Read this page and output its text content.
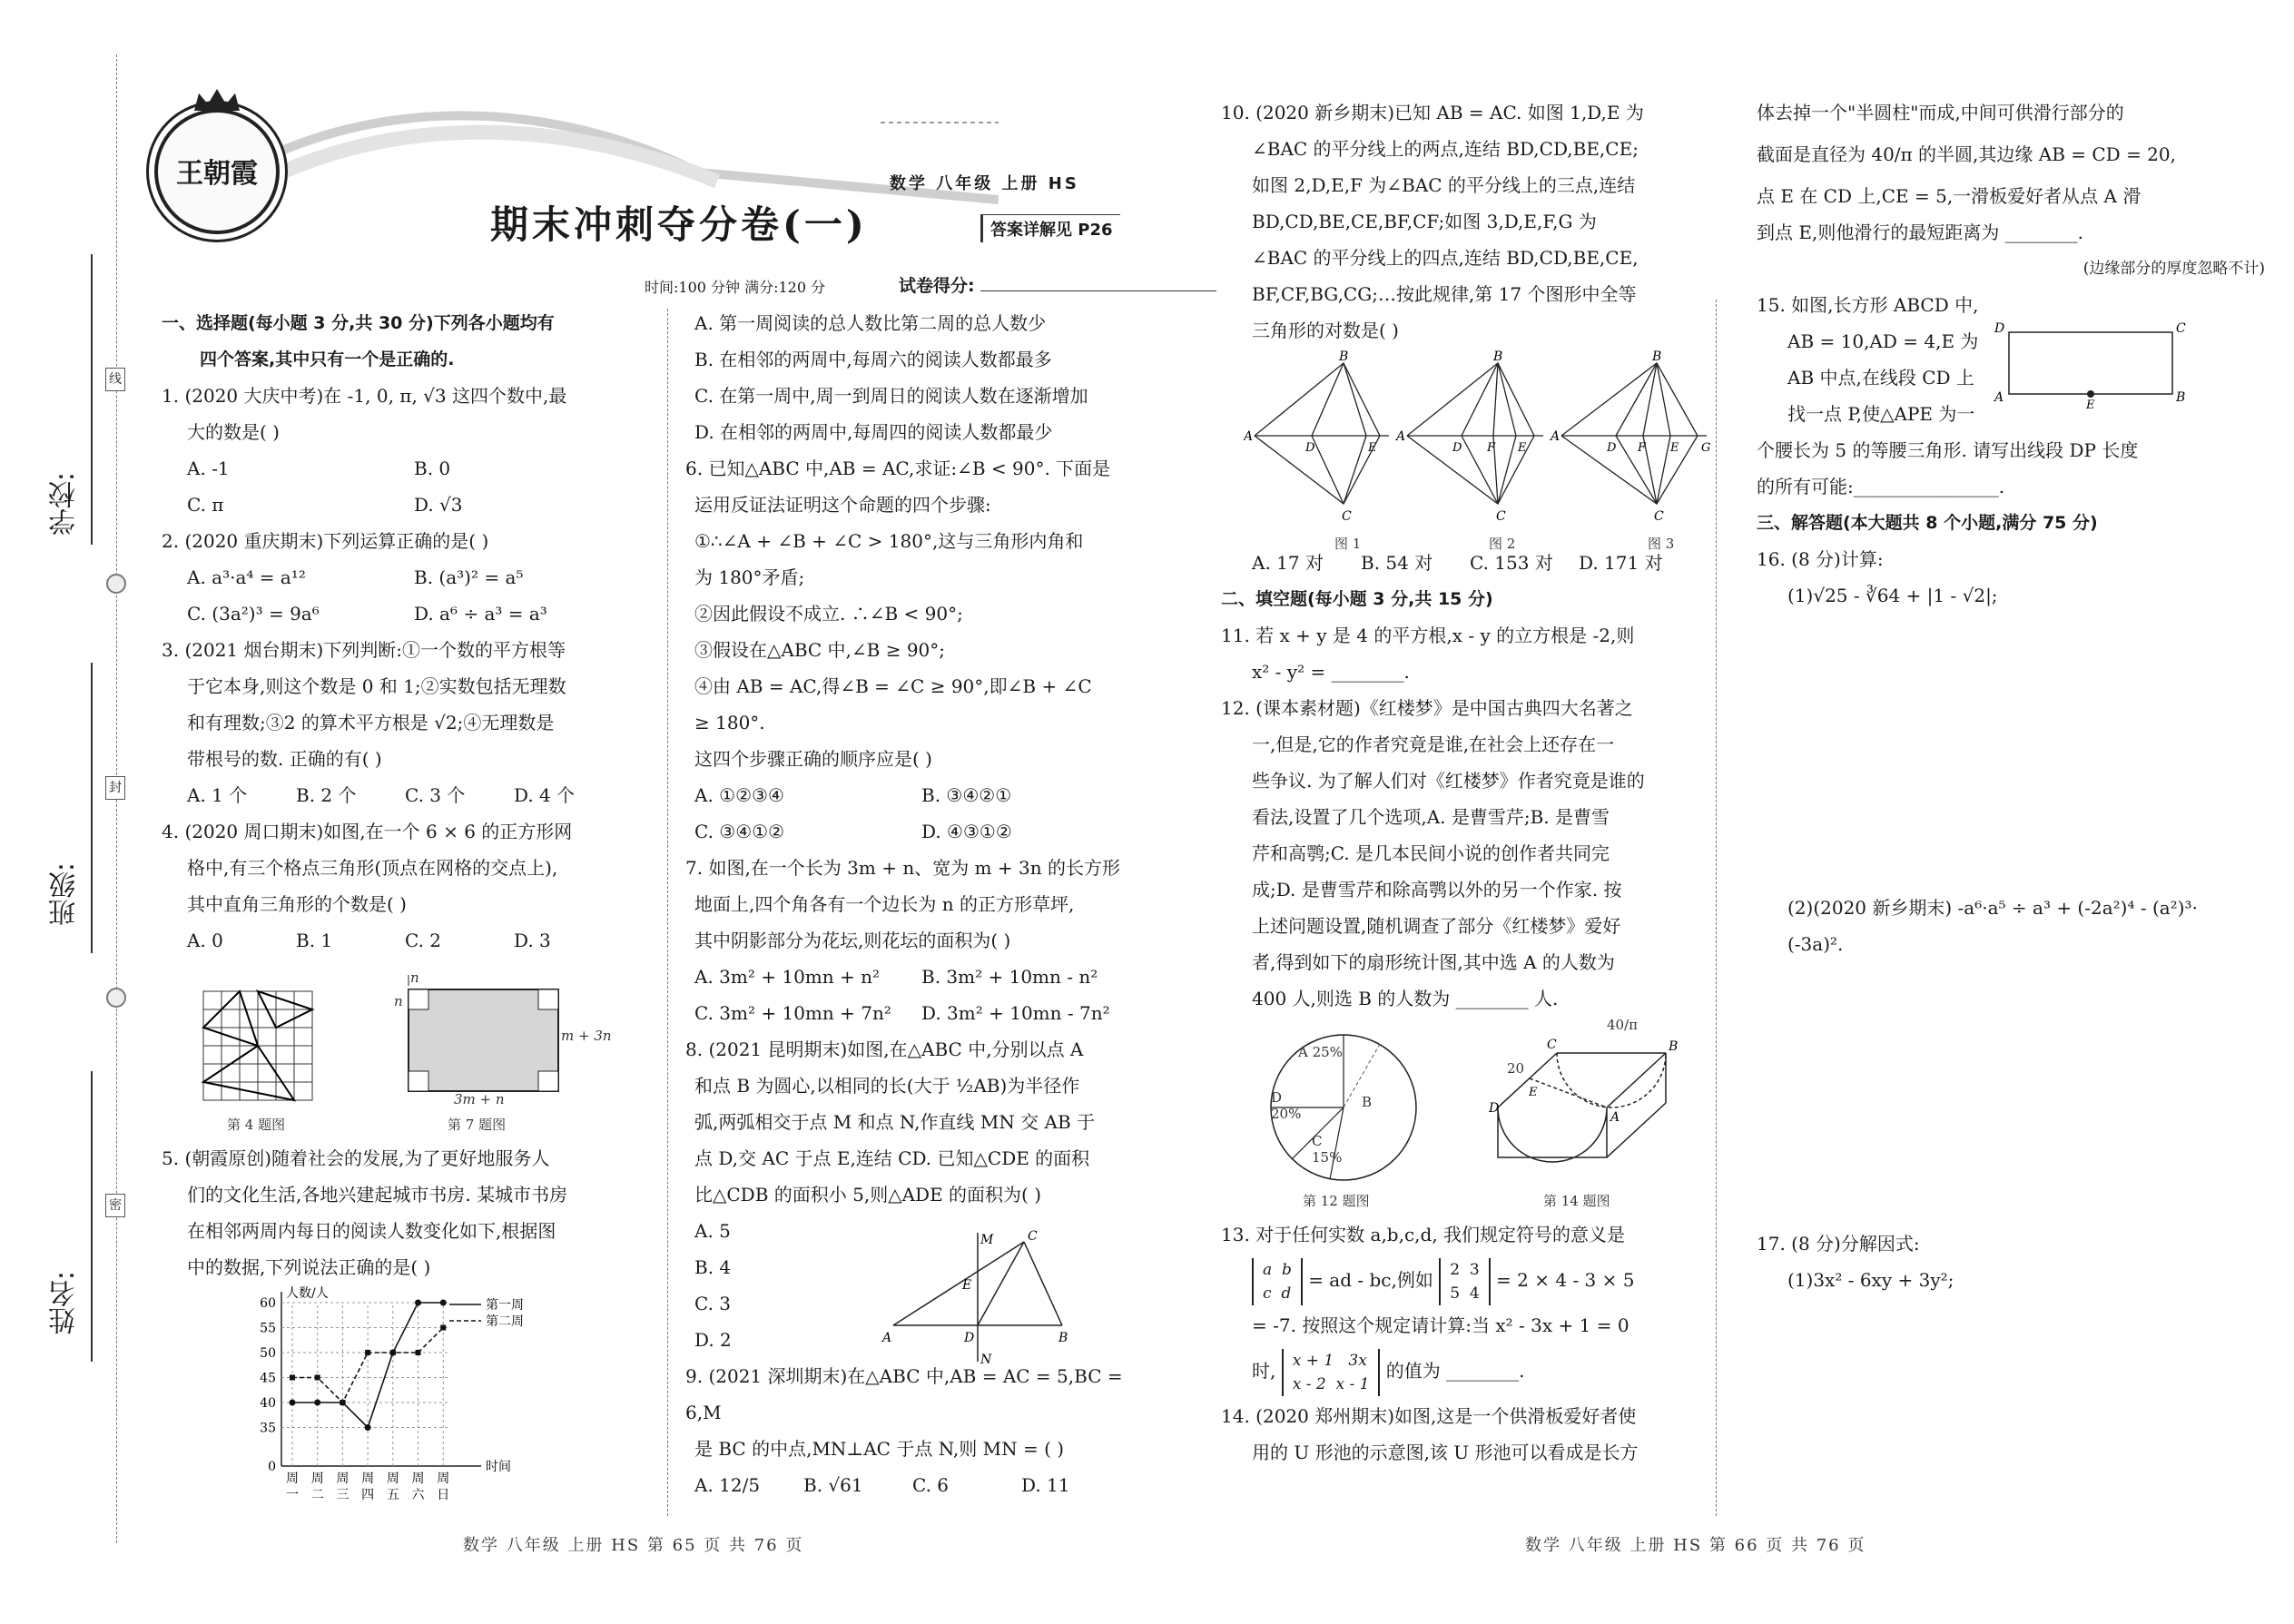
学校:
班级:
姓名:
线
封
密
王朝霞
期末冲刺夺分卷(一)
数学 八年级 上册 HS
答案详解见 P26
时间:100 分钟 满分:120 分	试卷得分:

一、选择题(每小题 3 分,共 30 分)下列各小题均有

四个答案,其中只有一个是正确的.

1. (2020 大庆中考)在 -1, 0, π, √3 这四个数中,最

大的数是( )

A. -1	B. 0

C. π	D. √3

2. (2020 重庆期末)下列运算正确的是( )

A. a³·a⁴ = a¹²	B. (a³)² = a⁵

C. (3a²)³ = 9a⁶	D. a⁶ ÷ a³ = a³

3. (2021 烟台期末)下列判断:①一个数的平方根等

于它本身,则这个数是 0 和 1;②实数包括无理数

和有理数;③2 的算术平方根是 √2;④无理数是

带根号的数. 正确的有( )

A. 1 个	B. 2 个	C. 3 个	D. 4 个

4. (2020 周口期末)如图,在一个 6 × 6 的正方形网

格中,有三个格点三角形(顶点在网格的交点上),

其中直角三角形的个数是( )

A. 0	B. 1	C. 2	D. 3

第 4 题图
n
n
m + 3n
3m + n
第 7 题图

5. (朝霞原创)随着社会的发展,为了更好地服务人

们的文化生活,各地兴建起城市书房. 某城市书房

在相邻两周内每日的阅读人数变化如下,根据图

中的数据,下列说法正确的是( )

35
40
45
50
55
60
周
一
周
二
周
三
周
四
周
五
周
六
周
日
0
人数/人
时间
第一周
第二周

A. 第一周阅读的总人数比第二周的总人数少

B. 在相邻的两周中,每周六的阅读人数都最多

C. 在第一周中,周一到周日的阅读人数在逐渐增加

D. 在相邻的两周中,每周四的阅读人数都最少

6. 已知△ABC 中,AB = AC,求证:∠B < 90°. 下面是

运用反证法证明这个命题的四个步骤:

①∴∠A + ∠B + ∠C > 180°,这与三角形内角和

为 180°矛盾;

②因此假设不成立. ∴∠B < 90°;

③假设在△ABC 中,∠B ≥ 90°;

④由 AB = AC,得∠B = ∠C ≥ 90°,即∠B + ∠C

≥ 180°.

这四个步骤正确的顺序应是( )

A. ①②③④	B. ③④②①

C. ③④①②	D. ④③①②

7. 如图,在一个长为 3m + n、宽为 m + 3n 的长方形

地面上,四个角各有一个边长为 n 的正方形草坪,

其中阴影部分为花坛,则花坛的面积为( )

A. 3m² + 10mn + n² B. 3m² + 10mn - n²

C. 3m² + 10mn + 7n² D. 3m² + 10mn - 7n²

8. (2021 昆明期末)如图,在△ABC 中,分别以点 A

和点 B 为圆心,以相同的长(大于 ½AB)为半径作

弧,两弧相交于点 M 和点 N,作直线 MN 交 AB 于

点 D,交 AC 于点 E,连结 CD. 已知△CDE 的面积

比△CDB 的面积小 5,则△ADE 的面积为( )

A. 5

B. 4

C. 3

D. 2

9. (2021 深圳期末)在△ABC 中,AB = AC = 5,BC = 6,M

是 BC 的中点,MN⊥AC 于点 N,则 MN = ( )

A. 12/5 B. √61	C. 6	D. 11

M	C
E
A	D	B
N

10. (2020 新乡期末)已知 AB = AC. 如图 1,D,E 为

∠BAC 的平分线上的两点,连结 BD,CD,BE,CE;

如图 2,D,E,F 为∠BAC 的平分线上的三点,连结

BD,CD,BE,CE,BF,CF;如图 3,D,E,F,G 为

∠BAC 的平分线上的四点,连结 BD,CD,BE,CE,

BF,CF,BG,CG;…按此规律,第 17 个图形中全等

三角形的对数是( )

B
A
D	E
C
B
A
D F E
C
B
A
D F E G
C
图 1	图 2	图 3

A. 17 对 B. 54 对 C. 153 对 D. 171 对

二、填空题(每小题 3 分,共 15 分)

11. 若 x + y 是 4 的平方根,x - y 的立方根是 -2,则

x² - y² = ________.

12. (课本素材题)《红楼梦》是中国古典四大名著之

一,但是,它的作者究竟是谁,在社会上还存在一

些争议. 为了解人们对《红楼梦》作者究竟是谁的

看法,设置了几个选项,A. 是曹雪芹;B. 是曹雪

芹和高鹗;C. 是几本民间小说的创作者共同完

成;D. 是曹雪芹和除高鹗以外的另一个作家. 按

上述问题设置,随机调查了部分《红楼梦》爱好

者,得到如下的扇形统计图,其中选 A 的人数为

400 人,则选 B 的人数为 ________ 人.

A 25%
B
D 20%
C 15%
第 12 题图
C
D
B
A
E
20
40/π
第 14 题图

13. 对于任何实数 a,b,c,d, 我们规定符号的意义是

a  b
c  d = ad - bc,例如 2  3
5  4 = 2 × 4 - 3 × 5

= -7. 按照这个规定请计算:当 x² - 3x + 1 = 0

时, x + 1   3x
x - 2  x - 1 的值为 ________.

14. (2020 郑州期末)如图,这是一个供滑板爱好者使

用的 U 形池的示意图,该 U 形池可以看成是长方

体去掉一个"半圆柱"而成,中间可供滑行部分的

截面是直径为 40/π 的半圆,其边缘 AB = CD = 20,

点 E 在 CD 上,CE = 5,一滑板爱好者从点 A 滑

到点 E,则他滑行的最短距离为 ________.

(边缘部分的厚度忽略不计)

15. 如图,长方形 ABCD 中,

AB = 10,AD = 4,E 为

AB 中点,在线段 CD 上

找一点 P,使△APE 为一

个腰长为 5 的等腰三角形. 请写出线段 DP 长度

的所有可能:________________.

三、解答题(本大题共 8 个小题,满分 75 分)

16. (8 分)计算:

(1)√25 - ∛64 + |1 - √2|;

D	C
A	B
E

(2)(2020 新乡期末) -a⁶·a⁵ ÷ a³ + (-2a²)⁴ - (a²)³·

(-3a)².

17. (8 分)分解因式:

(1)3x² - 6xy + 3y²;

数学 八年级 上册 HS 第 65 页 共 76 页	数学 八年级 上册 HS 第 66 页 共 76 页
